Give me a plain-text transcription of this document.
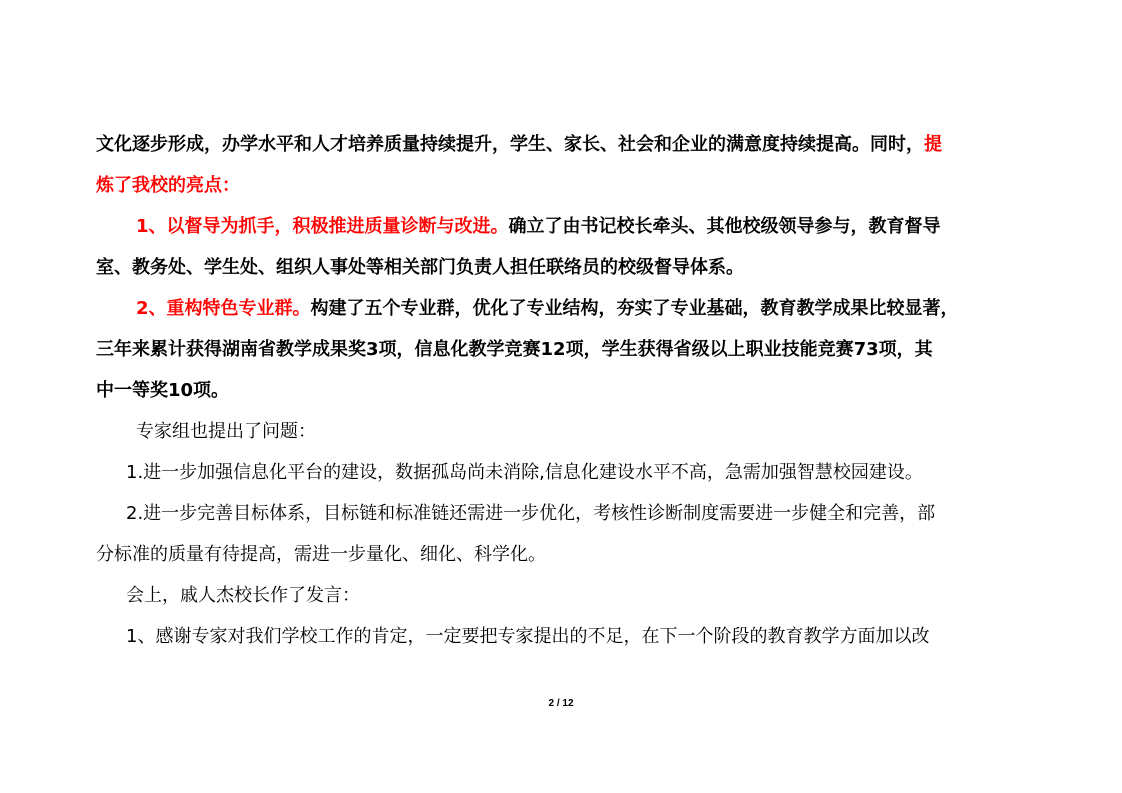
文化逐步形成，办学水平和人才培养质量持续提升，学生、家长、社会和企业的满意度持续提高。同时，提

炼了我校的亮点：

1、以督导为抓手，积极推进质量诊断与改进。确立了由书记校长牵头、其他校级领导参与，教育督导

室、教务处、学生处、组织人事处等相关部门负责人担任联络员的校级督导体系。

2、重构特色专业群。构建了五个专业群，优化了专业结构，夯实了专业基础，教育教学成果比较显著，

三年来累计获得湖南省教学成果奖3项，信息化教学竞赛12项，学生获得省级以上职业技能竞赛73项，其

中一等奖10项。

专家组也提出了问题：

1.进一步加强信息化平台的建设，数据孤岛尚未消除,信息化建设水平不高，急需加强智慧校园建设。

2.进一步完善目标体系，目标链和标准链还需进一步优化，考核性诊断制度需要进一步健全和完善，部

分标准的质量有待提高，需进一步量化、细化、科学化。

会上，戚人杰校长作了发言：

1、感谢专家对我们学校工作的肯定，一定要把专家提出的不足，在下一个阶段的教育教学方面加以改

2 / 12
